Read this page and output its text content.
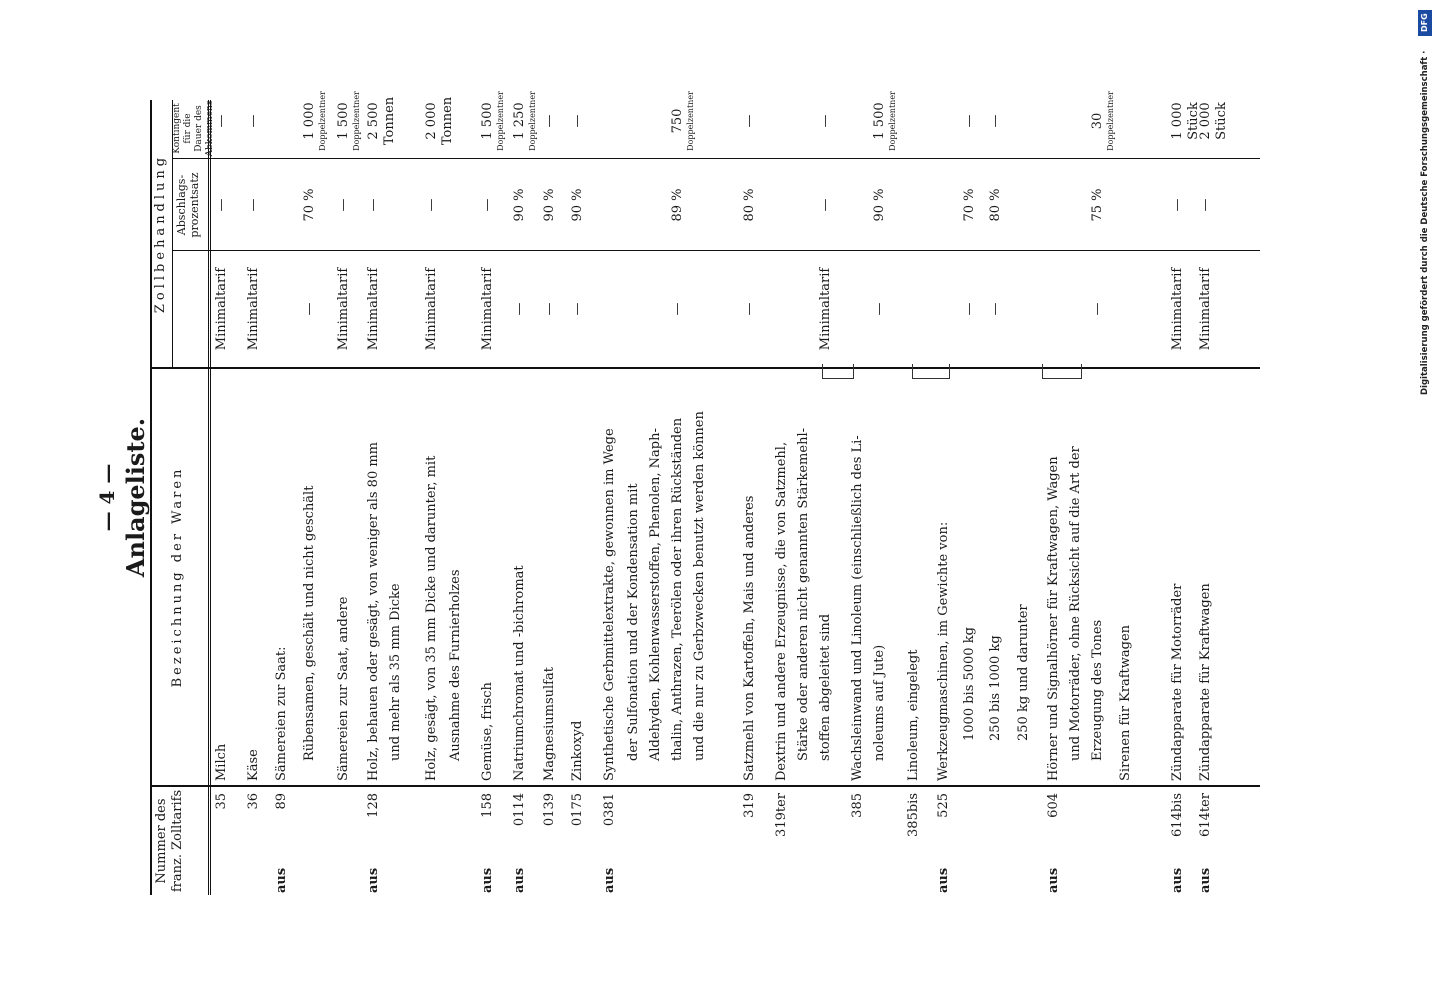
DFG
Digitalisierung gefördert durch die Deutsche Forschungsgemeinschaft ·
— 4 — Anlageliste.
Nummer des franz. Zolltarifs
Bezeichnung der Waren
Zollbehandlung Abschlags-prozentsatz
Kontingent für die Dauer des Abkommens
35
Milch
Minimaltarif
—
—
36
Käse
Minimaltarif
—
—
aus
89
Sämereien zur Saat: Rübensamen, geschält und nicht geschält
—
70 %
1 000 Doppelzentner
Sämereien zur Saat, andere
Minimaltarif
—
1 500 Doppelzentner
aus
128
Holz, behauen oder gesägt, von weniger als 80 mm
Minimaltarif
—
2 500 Tonnen
und mehr als 35 mm Dicke Holz, gesägt, von 35 mm Dicke und darunter, mit
Minimaltarif
—
2 000 Tonnen
Ausnahme des Furnierholzes
aus
158
Gemüse, frisch
Minimaltarif
—
1 500 Doppelzentner
aus
0114
Natriumchromat und -bichromat
—
90 %
1 250 Doppelzentner
0139
Magnesiumsulfat
—
90 %
—
0175
Zinkoxyd
—
90 %
—
aus
0381
Synthetische Gerbmittelextrakte, gewonnen im Wege der Sulfonation und der Kondensation mit Aldehyden, Kohlenwasserstoffen, Phenolen, Naph- thalin, Anthrazen, Teerölen oder ihren Rückständen
—
89 %
750 Doppelzentner
und die nur zu Gerbzwecken benutzt werden können
319
Satzmehl von Kartoffeln, Mais und anderes
—
80 %
—
319ter
Dextrin und andere Erzeugnisse, die von Satzmehl, Stärke oder anderen nicht genannten Stärkemehl- stoffen abgeleitet sind
Minimaltarif
—
—
385
Wachsleinwand und Linoleum (einschließlich des Li- noleums auf Jute)
—
90 %
1 500 Doppelzentner
385bis
Linoleum, eingelegt
aus
525
Werkzeugmaschinen, im Gewichte von: 1000 bis 5000 kg
—
70 %
—
250 bis 1000 kg
—
80 %
—
250 kg und darunter
aus
604
Hörner und Signalhörner für Kraftwagen, Wagen und Motorräder, ohne Rücksicht auf die Art der Erzeugung des Tones
—
75 %
30 Doppelzentner
Sirenen für Kraftwagen
aus
614bis
Zündapparate für Motorräder
Minimaltarif
—
1 000 Stück
aus
614ter
Zündapparate für Kraftwagen
Minimaltarif
—
2 000 Stück
